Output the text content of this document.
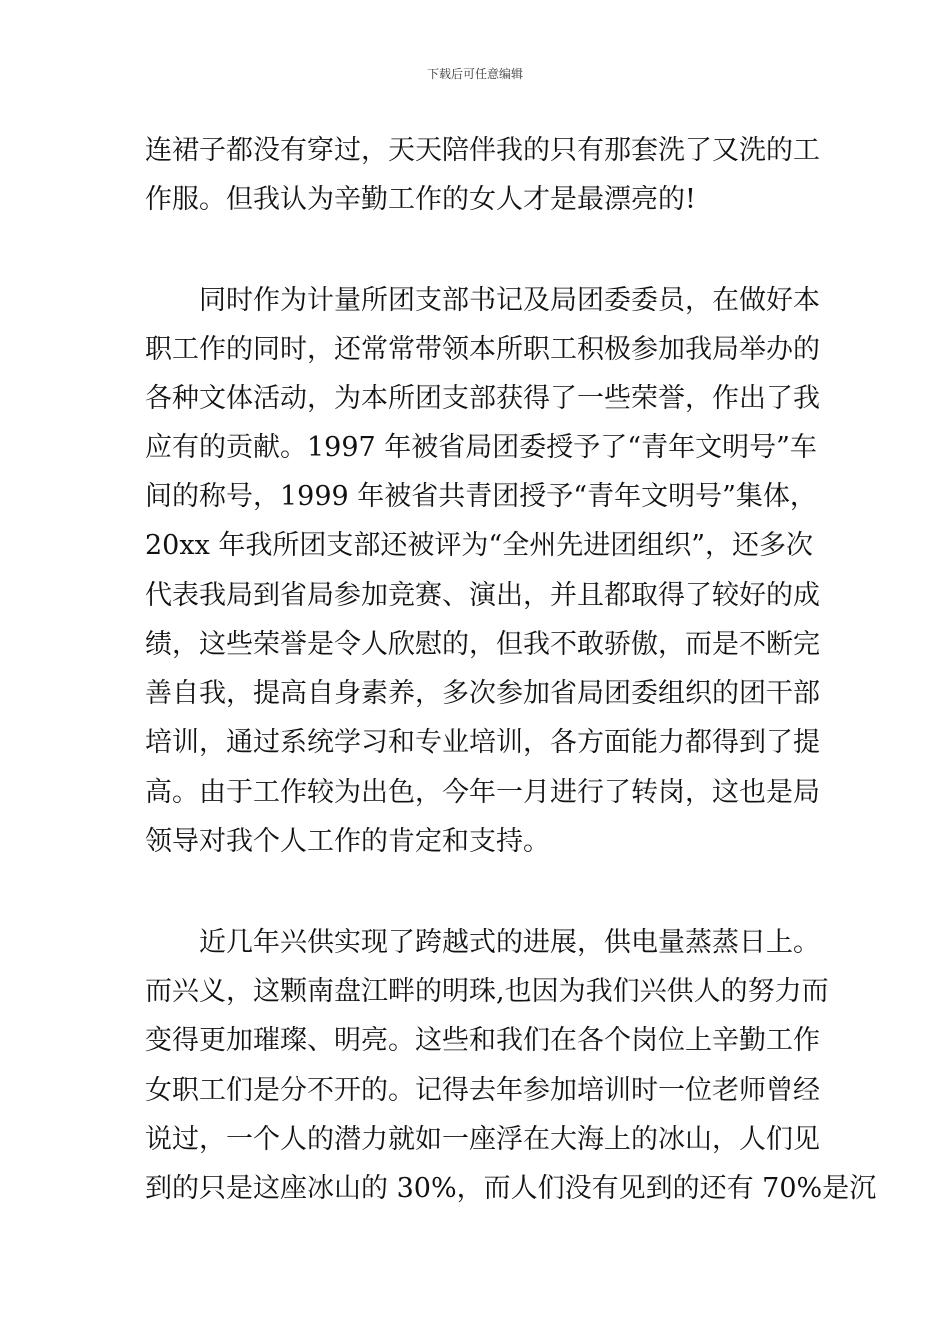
下载后可任意编辑
连裙子都没有穿过，天天陪伴我的只有那套洗了又洗的工
作服。但我认为辛勤工作的女人才是最漂亮的!
同时作为计量所团支部书记及局团委委员，在做好本
职工作的同时，还常常带领本所职工积极参加我局举办的
各种文体活动，为本所团支部获得了一些荣誉，作出了我
应有的贡献。1997 年被省局团委授予了“青年文明号”车
间的称号，1999 年被省共青团授予“青年文明号”集体，
20xx 年我所团支部还被评为“全州先进团组织”，还多次
代表我局到省局参加竞赛、演出，并且都取得了较好的成
绩，这些荣誉是令人欣慰的，但我不敢骄傲，而是不断完
善自我，提高自身素养，多次参加省局团委组织的团干部
培训，通过系统学习和专业培训，各方面能力都得到了提
高。由于工作较为出色，今年一月进行了转岗，这也是局
领导对我个人工作的肯定和支持。
近几年兴供实现了跨越式的进展，供电量蒸蒸日上。
而兴义，这颗南盘江畔的明珠,也因为我们兴供人的努力而
变得更加璀璨、明亮。这些和我们在各个岗位上辛勤工作
女职工们是分不开的。记得去年参加培训时一位老师曾经
说过，一个人的潜力就如一座浮在大海上的冰山，人们见
到的只是这座冰山的 30%，而人们没有见到的还有 70%是沉
